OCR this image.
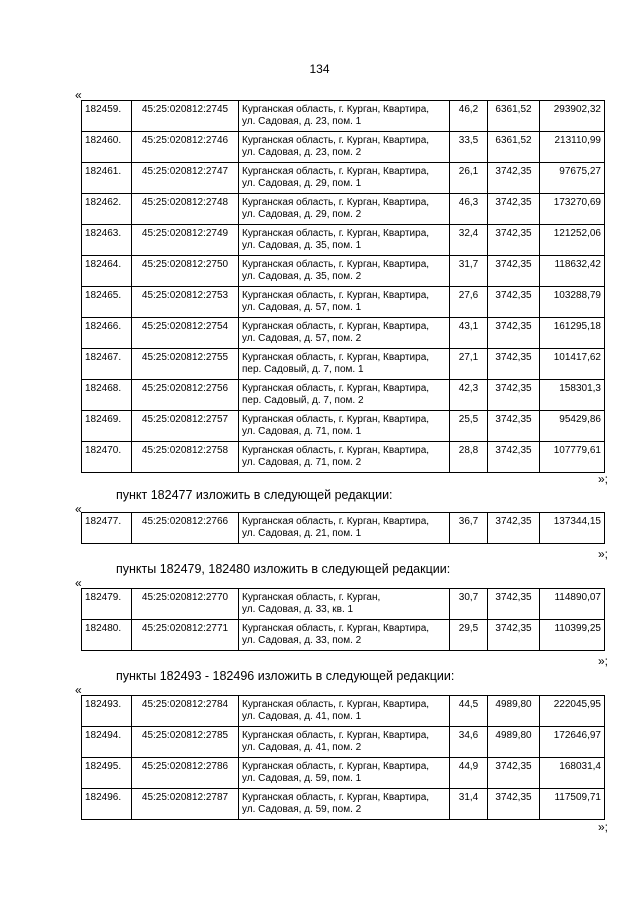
134
«
182459.	45:25:020812:2745	Курганская область, г. Курган, Квартира,
ул. Садовая, д. 23, пом. 1	46,2	6361,52	293902,32
182460.	45:25:020812:2746	Курганская область, г. Курган, Квартира,
ул. Садовая, д. 23, пом. 2	33,5	6361,52	213110,99
182461.	45:25:020812:2747	Курганская область, г. Курган, Квартира,
ул. Садовая, д. 29, пом. 1	26,1	3742,35	97675,27
182462.	45:25:020812:2748	Курганская область, г. Курган, Квартира,
ул. Садовая, д. 29, пом. 2	46,3	3742,35	173270,69
182463.	45:25:020812:2749	Курганская область, г. Курган, Квартира,
ул. Садовая, д. 35, пом. 1	32,4	3742,35	121252,06
182464.	45:25:020812:2750	Курганская область, г. Курган, Квартира,
ул. Садовая, д. 35, пом. 2	31,7	3742,35	118632,42
182465.	45:25:020812:2753	Курганская область, г. Курган, Квартира,
ул. Садовая, д. 57, пом. 1	27,6	3742,35	103288,79
182466.	45:25:020812:2754	Курганская область, г. Курган, Квартира,
ул. Садовая, д. 57, пом. 2	43,1	3742,35	161295,18
182467.	45:25:020812:2755	Курганская область, г. Курган, Квартира,
пер. Садовый, д. 7, пом. 1	27,1	3742,35	101417,62
182468.	45:25:020812:2756	Курганская область, г. Курган, Квартира,
пер. Садовый, д. 7, пом. 2	42,3	3742,35	158301,3
182469.	45:25:020812:2757	Курганская область, г. Курган, Квартира,
ул. Садовая, д. 71, пом. 1	25,5	3742,35	95429,86
182470.	45:25:020812:2758	Курганская область, г. Курган, Квартира,
ул. Садовая, д. 71, пом. 2	28,8	3742,35	107779,61
»;
пункт 182477 изложить в следующей редакции:
«
182477.	45:25:020812:2766	Курганская область, г. Курган, Квартира,
ул. Садовая, д. 21, пом. 1
	36,7	3742,35	137344,15
»;
пункты 182479, 182480 изложить в следующей редакции:
«
182479.	45:25:020812:2770	Курганская область, г. Курган,
ул. Садовая, д. 33, кв. 1	30,7	3742,35	114890,07
182480.	45:25:020812:2771	Курганская область, г. Курган, Квартира,
ул. Садовая, д. 33, пом. 2	29,5	3742,35	110399,25
»;
пункты 182493 - 182496 изложить в следующей редакции:
«
182493.	45:25:020812:2784	Курганская область, г. Курган, Квартира,
ул. Садовая, д. 41, пом. 1	44,5	4989,80	222045,95
182494.	45:25:020812:2785	Курганская область, г. Курган, Квартира,
ул. Садовая, д. 41, пом. 2	34,6	4989,80	172646,97
182495.	45:25:020812:2786	Курганская область, г. Курган, Квартира,
ул. Садовая, д. 59, пом. 1	44,9	3742,35	168031,4
182496.	45:25:020812:2787	Курганская область, г. Курган, Квартира,
ул. Садовая, д. 59, пом. 2	31,4	3742,35	117509,71
»;
